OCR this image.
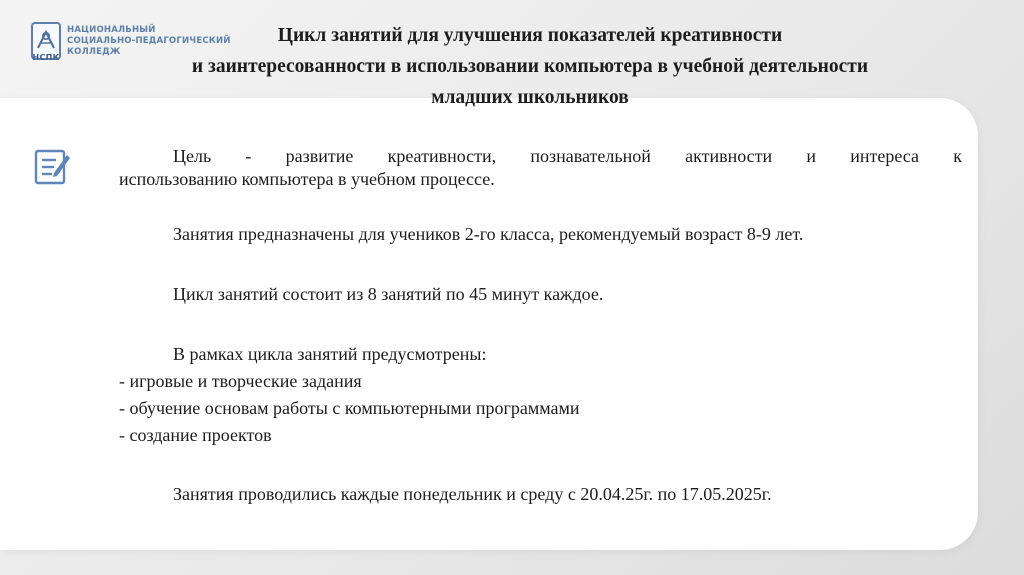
НСПК
НАЦИОНАЛЬНЫЙ
СОЦИАЛЬНО-ПЕДАГОГИЧЕСКИЙ
КОЛЛЕДЖ
Цикл занятий для улучшения показателей креативности
и заинтересованности в использовании компьютера в учебной деятельности
младших школьников
Цель - развитие креативности, познавательной активности и интереса к
использованию компьютера в учебном процессе.
Занятия предназначены для учеников 2-го класса, рекомендуемый возраст 8-9 лет.
Цикл занятий состоит из 8 занятий по 45 минут каждое.
В рамках цикла занятий предусмотрены:
- игровые и творческие задания
- обучение основам работы с компьютерными программами
- создание проектов
Занятия проводились каждые понедельник и среду с 20.04.25г. по 17.05.2025г.
